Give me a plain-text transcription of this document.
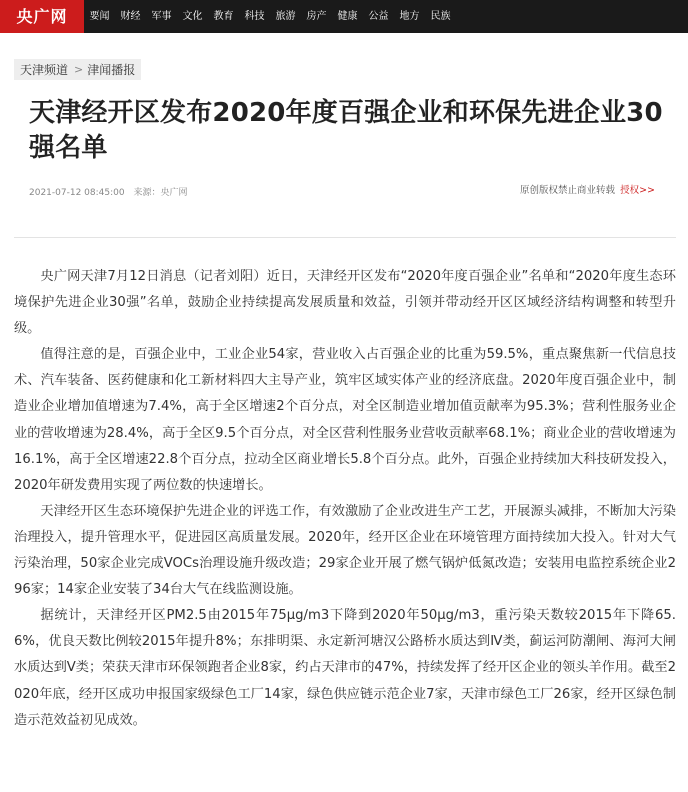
央广网	要闻	财经	军事	文化	教育	科技	旅游	房产	健康	公益	地方	民族
天津频道 > 津闻播报
天津经开区发布2020年度百强企业和环保先进企业30强名单
2021-07-12 08:45:00 来源：央广网	原创版权禁止商业转载 授权>>

央广网天津7月12日消息（记者刘阳）近日，天津经开区发布“2020年度百强企业”名单和“2020年度生态环境保护先进企业30强”名单，鼓励企业持续提高发展质量和效益，引领并带动经开区区域经济结构调整和转型升级。

值得注意的是，百强企业中，工业企业54家，营业收入占百强企业的比重为59.5%，重点聚焦新一代信息技术、汽车装备、医药健康和化工新材料四大主导产业，筑牢区域实体产业的经济底盘。2020年度百强企业中，制造业企业增加值增速为7.4%，高于全区增速2个百分点，对全区制造业增加值贡献率为95.3%；营利性服务业企业的营收增速为28.4%，高于全区9.5个百分点，对全区营利性服务业营收贡献率68.1%；商业企业的营收增速为16.1%，高于全区增速22.8个百分点，拉动全区商业增长5.8个百分点。此外，百强企业持续加大科技研发投入，2020年研发费用实现了两位数的快速增长。

天津经开区生态环境保护先进企业的评选工作，有效激励了企业改进生产工艺，开展源头减排，不断加大污染治理投入，提升管理水平，促进园区高质量发展。2020年，经开区企业在环境管理方面持续加大投入。针对大气污染治理，50家企业完成VOCs治理设施升级改造；29家企业开展了燃气锅炉低氮改造；安装用电监控系统企业296家；14家企业安装了34台大气在线监测设施。

据统计，天津经开区PM2.5由2015年75μg/m3下降到2020年50μg/m3，重污染天数较2015年下降65.6%，优良天数比例较2015年提升8%；东排明渠、永定新河塘汉公路桥水质达到Ⅳ类，蓟运河防潮闸、海河大闸水质达到Ⅴ类；荣获天津市环保领跑者企业8家，约占天津市的47%，持续发挥了经开区企业的领头羊作用。截至2020年底，经开区成功申报国家级绿色工厂14家，绿色供应链示范企业7家，天津市绿色工厂26家，经开区绿色制造示范效益初见成效。
